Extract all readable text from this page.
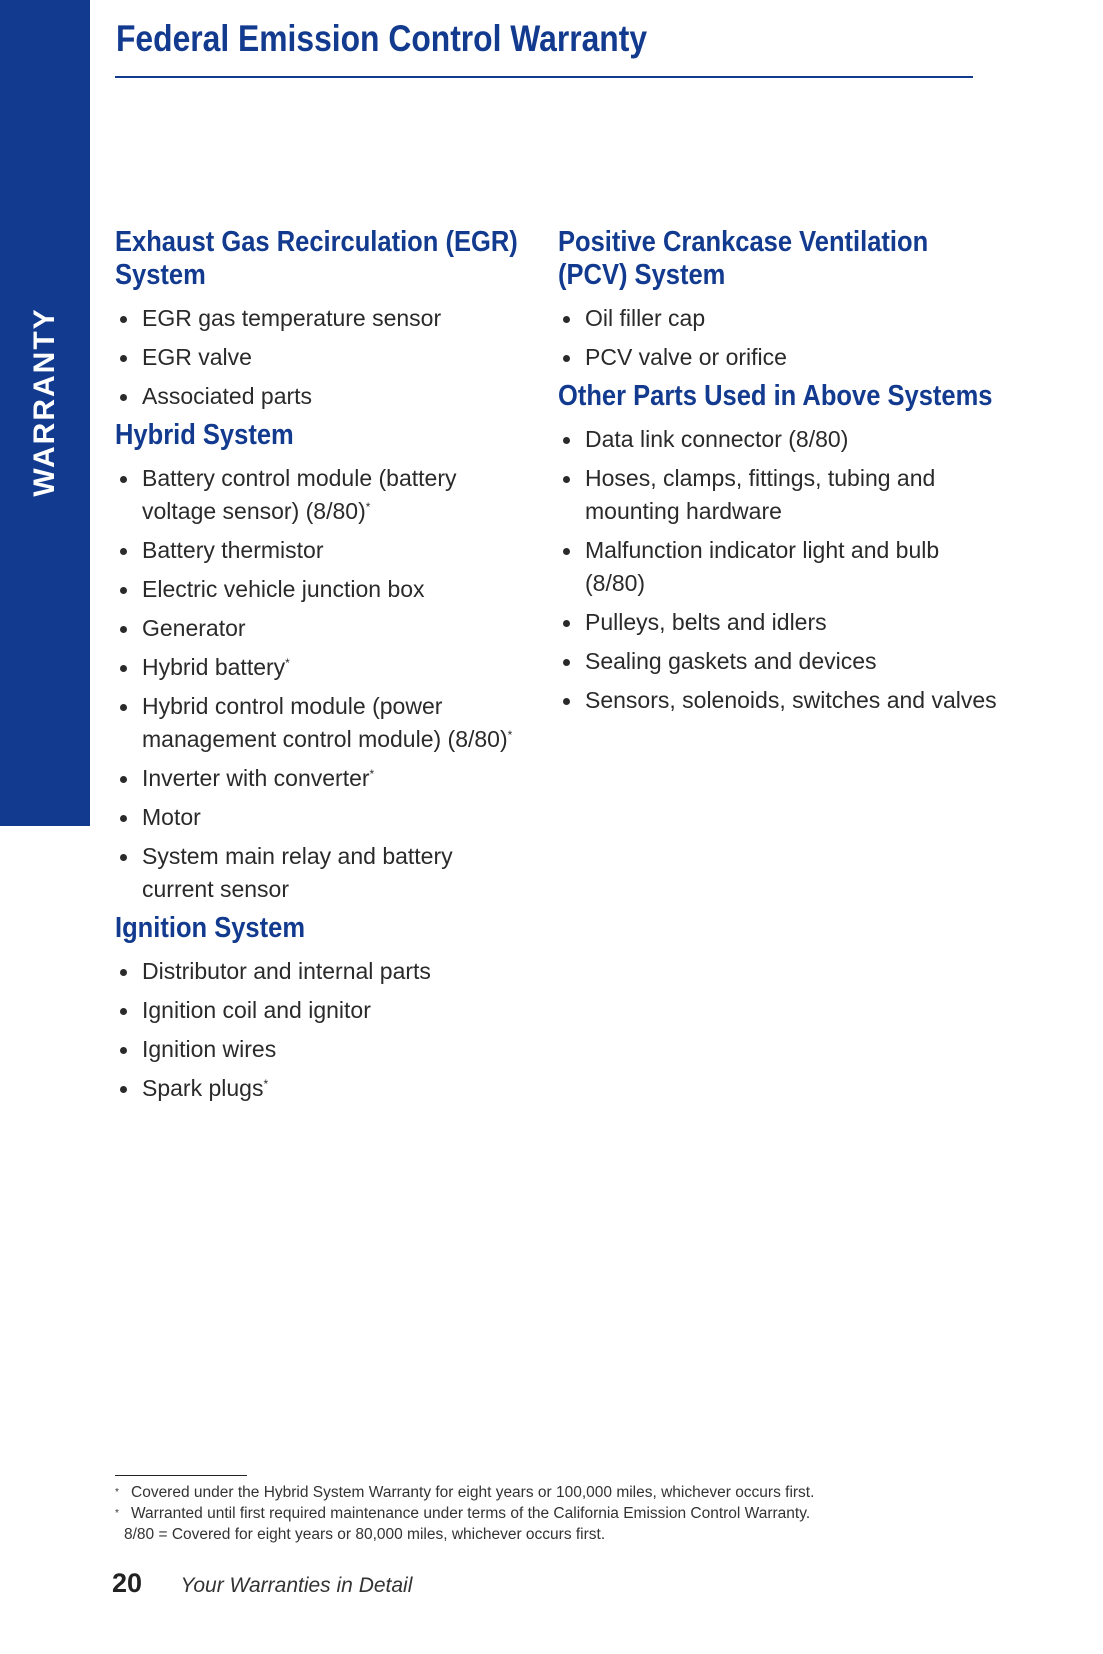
WARRANTY
Federal Emission Control Warranty
Exhaust Gas Recirculation (EGR) System
EGR gas temperature sensor
EGR valve
Associated parts
Hybrid System
Battery control module (battery voltage sensor) (8/80)*
Battery thermistor
Electric vehicle junction box
Generator
Hybrid battery*
Hybrid control module (power management control module) (8/80)*
Inverter with converter*
Motor
System main relay and battery current sensor
Ignition System
Distributor and internal parts
Ignition coil and ignitor
Ignition wires
Spark plugs*
Positive Crankcase Ventilation (PCV) System
Oil filler cap
PCV valve or orifice
Other Parts Used in Above Systems
Data link connector (8/80)
Hoses, clamps, fittings, tubing and mounting hardware
Malfunction indicator light and bulb (8/80)
Pulleys, belts and idlers
Sealing gaskets and devices
Sensors, solenoids, switches and valves
* Covered under the Hybrid System Warranty for eight years or 100,000 miles, whichever occurs first.
* Warranted until first required maintenance under terms of the California Emission Control Warranty.
8/80 = Covered for eight years or 80,000 miles, whichever occurs first.
20 Your Warranties in Detail
